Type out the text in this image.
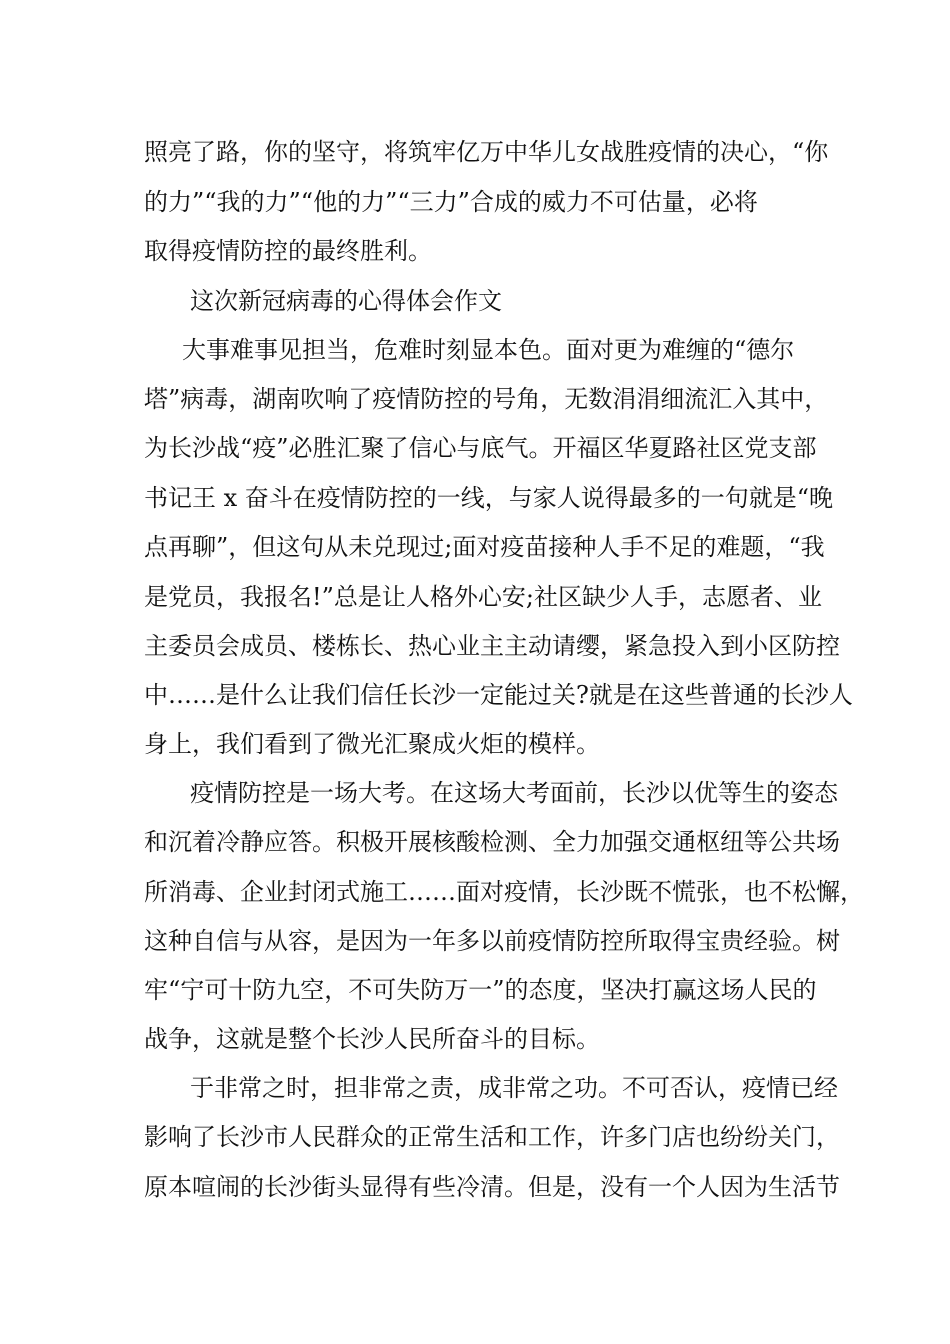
照亮了路，你的坚守，将筑牢亿万中华儿女战胜疫情的决心，“你

的力”“我的力”“他的力”“三力”合成的威力不可估量，必将

取得疫情防控的最终胜利。

这次新冠病毒的心得体会作文

大事难事见担当，危难时刻显本色。面对更为难缠的“德尔

塔”病毒，湖南吹响了疫情防控的号角，无数涓涓细流汇入其中，

为长沙战“疫”必胜汇聚了信心与底气。开福区华夏路社区党支部

书记王 x 奋斗在疫情防控的一线，与家人说得最多的一句就是“晚

点再聊”，但这句从未兑现过;面对疫苗接种人手不足的难题，“我

是党员，我报名!”总是让人格外心安;社区缺少人手，志愿者、业

主委员会成员、楼栋长、热心业主主动请缨，紧急投入到小区防控

中……是什么让我们信任长沙一定能过关?就是在这些普通的长沙人

身上，我们看到了微光汇聚成火炬的模样。

疫情防控是一场大考。在这场大考面前，长沙以优等生的姿态

和沉着冷静应答。积极开展核酸检测、全力加强交通枢纽等公共场

所消毒、企业封闭式施工……面对疫情，长沙既不慌张，也不松懈，

这种自信与从容，是因为一年多以前疫情防控所取得宝贵经验。树

牢“宁可十防九空，不可失防万一”的态度，坚决打赢这场人民的

战争，这就是整个长沙人民所奋斗的目标。

于非常之时，担非常之责，成非常之功。不可否认，疫情已经

影响了长沙市人民群众的正常生活和工作，许多门店也纷纷关门，

原本喧闹的长沙街头显得有些冷清。但是，没有一个人因为生活节
